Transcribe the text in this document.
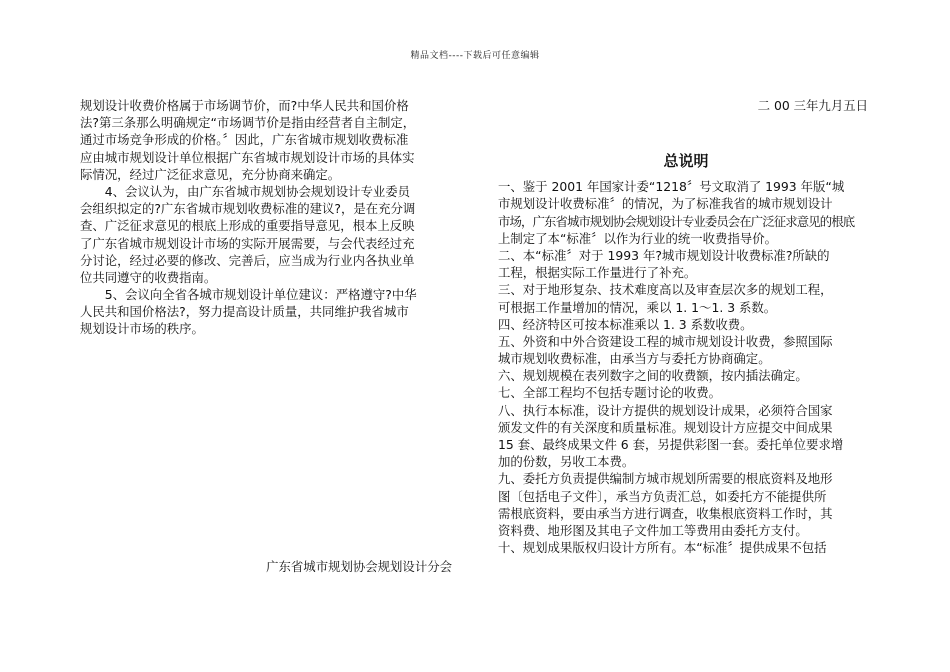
精品文档----下载后可任意编辑
规划设计收费价格属于市场调节价，而?中华人民共和国价格
法?第三条那么明确规定“市场调节价是指由经营者自主制定，
通过市场竞争形成的价格。〞因此，广东省城市规划收费标准
应由城市规划设计单位根据广东省城市规划设计市场的具体实
际情况，经过广泛征求意见，充分协商来确定。
　　4、会议认为，由广东省城市规划协会规划设计专业委员
会组织拟定的?广东省城市规划收费标准的建议?，是在充分调
查、广泛征求意见的根底上形成的重要指导意见，根本上反映
了广东省城市规划设计市场的实际开展需要，与会代表经过充
分讨论，经过必要的修改、完善后，应当成为行业内各执业单
位共同遵守的收费指南。
　　5、会议向全省各城市规划设计单位建议：严格遵守?中华
人民共和国价格法?，努力提高设计质量，共同维护我省城市
规划设计市场的秩序。
广东省城市规划协会规划设计分会
二 00 三年九月五日
总说明
一、鉴于 2001 年国家计委“1218〞号文取消了 1993 年版“城
市规划设计收费标准〞的情况，为了标准我省的城市规划设计
市场，广东省城市规划协会规划设计专业委员会在广泛征求意见的根底
上制定了本“标准〞以作为行业的统一收费指导价。
二、本“标准〞对于 1993 年?城市规划设计收费标准?所缺的
工程，根据实际工作量进行了补充。
三、对于地形复杂、技术难度高以及审查层次多的规划工程，
可根据工作量增加的情况，乘以 1. 1～1. 3 系数。
四、经济特区可按本标准乘以 1. 3 系数收费。
五、外资和中外合资建设工程的城市规划设计收费，参照国际
城市规划收费标准，由承当方与委托方协商确定。
六、规划规模在表列数字之间的收费额，按内插法确定。
七、全部工程均不包括专题讨论的收费。
八、执行本标准，设计方提供的规划设计成果，必须符合国家
颁发文件的有关深度和质量标准。规划设计方应提交中间成果
15 套、最终成果文件 6 套，另提供彩图一套。委托单位要求增
加的份数，另收工本费。
九、委托方负责提供编制方城市规划所需要的根底资料及地形
图〔包括电子文件〕，承当方负责汇总，如委托方不能提供所
需根底资料，要由承当方进行调查，收集根底资料工作时，其
资料费、地形图及其电子文件加工等费用由委托方支付。
十、规划成果版权归设计方所有。本“标准〞提供成果不包括
